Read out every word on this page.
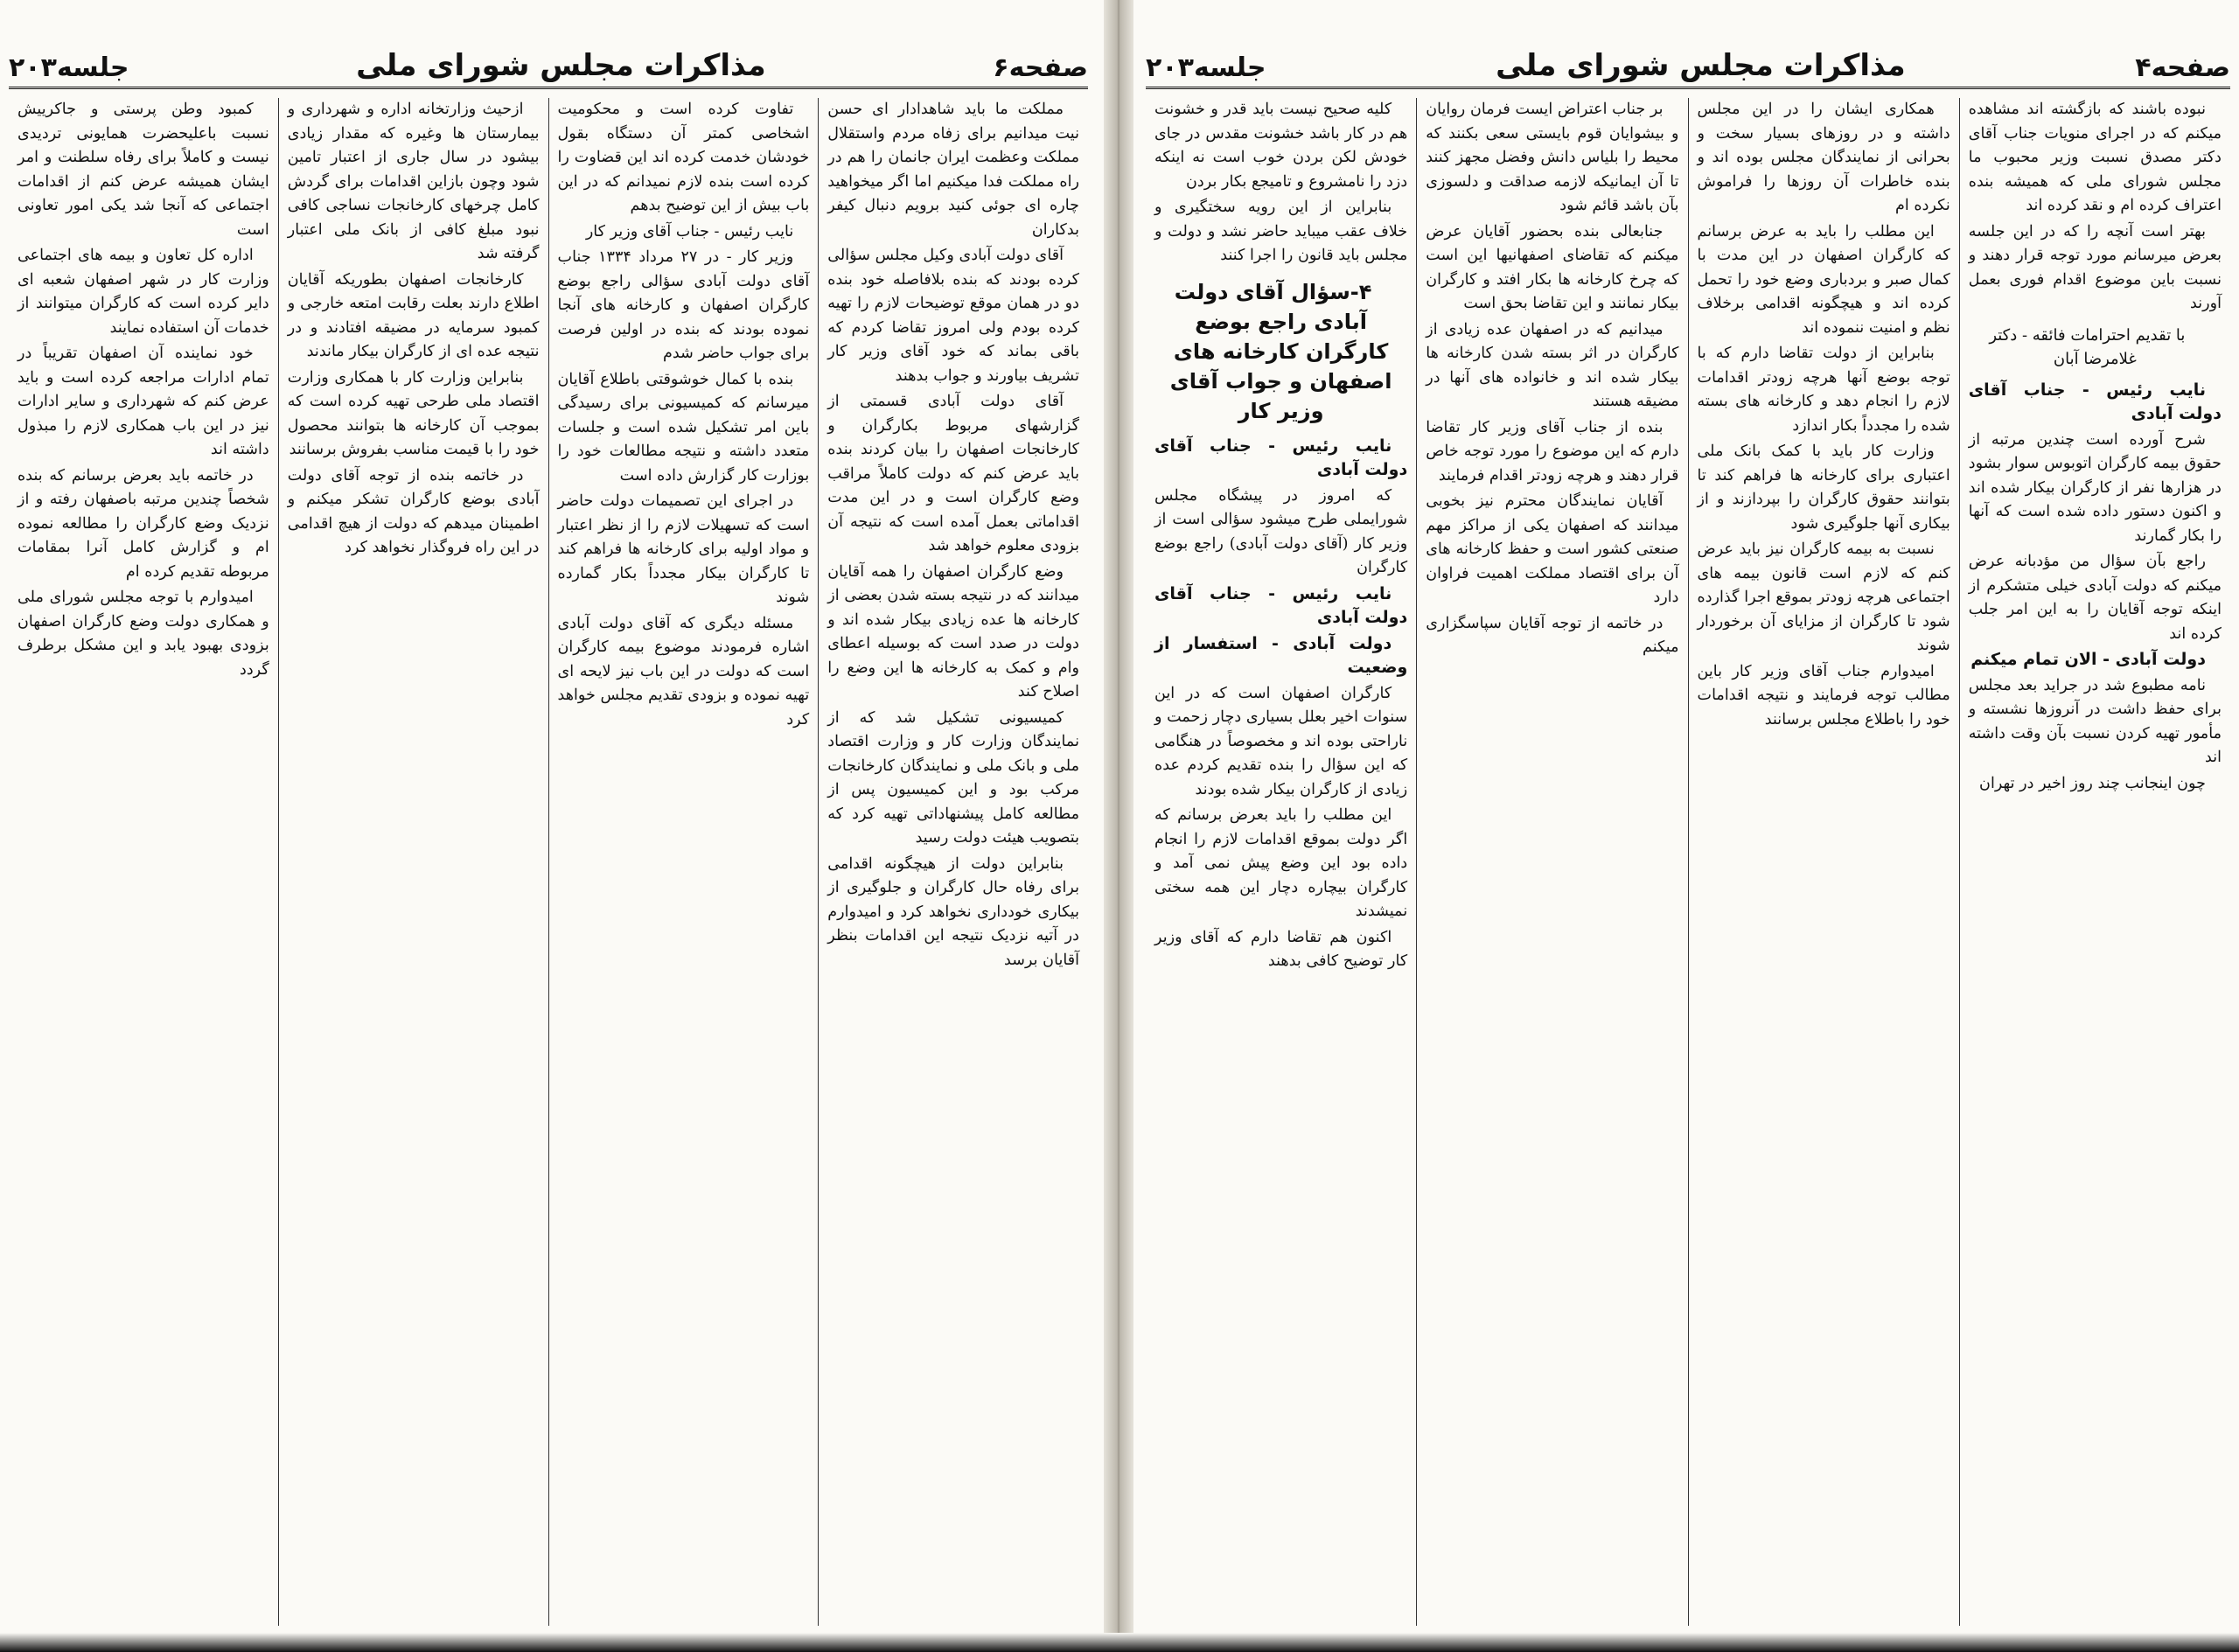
صفحه۶
مذاکرات مجلس شورای ملی
جلسه۲۰۳

مملکت ما باید شاهدادار ای حسن نیت میدانیم برای زفاه مردم واستقلال مملکت وعظمت ایران جانمان را هم در راه مملکت فدا میکنیم اما اگر میخواهید چاره ای جوئی کنید برویم دنبال کیفر بدکاران

آقای دولت آبادی وکیل مجلس سؤالی کرده بودند که بنده بلافاصله خود بنده دو در همان موقع توضیحات لازم را تهیه کرده بودم ولی امروز تقاضا کردم که باقی بماند که خود آقای وزیر کار تشریف بیاورند و جواب بدهند

آقای دولت آبادی قسمتی از گزارشهای مربوط بکارگران و کارخانجات اصفهان را بیان کردند بنده باید عرض کنم که دولت کاملاً مراقب وضع کارگران است و در این مدت اقداماتی بعمل آمده است که نتیجه آن بزودی معلوم خواهد شد

وضع کارگران اصفهان را همه آقایان میدانند که در نتیجه بسته شدن بعضی از کارخانه ها عده زیادی بیکار شده اند و دولت در صدد است که بوسیله اعطای وام و کمک به کارخانه ها این وضع را اصلاح کند

کمیسیونی تشکیل شد که از نمایندگان وزارت کار و وزارت اقتصاد ملی و بانک ملی و نمایندگان کارخانجات مرکب بود و این کمیسیون پس از مطالعه کامل پیشنهاداتی تهیه کرد که بتصویب هیئت دولت رسید

بنابراین دولت از هیچگونه اقدامی برای رفاه حال کارگران و جلوگیری از بیکاری خودداری نخواهد کرد و امیدوارم در آتیه نزدیک نتیجه این اقدامات بنظر آقایان برسد

تفاوت کرده است و محکومیت اشخاصی کمتر آن دستگاه بقول خودشان خدمت کرده اند این قضاوت را کرده است بنده لازم نمیدانم که در این باب بیش از این توضیح بدهم

نایب رئیس - جناب آقای وزیر کار

وزیر کار - در ۲۷ مرداد ۱۳۳۴ جناب آقای دولت آبادی سؤالی راجع بوضع کارگران اصفهان و کارخانه های آنجا نموده بودند که بنده در اولین فرصت برای جواب حاضر شدم

بنده با کمال خوشوقتی باطلاع آقایان میرسانم که کمیسیونی برای رسیدگی باین امر تشکیل شده است و جلسات متعدد داشته و نتیجه مطالعات خود را بوزارت کار گزارش داده است

در اجرای این تصمیمات دولت حاضر است که تسهیلات لازم را از نظر اعتبار و مواد اولیه برای کارخانه ها فراهم کند تا کارگران بیکار مجدداً بکار گمارده شوند

مسئله دیگری که آقای دولت آبادی اشاره فرمودند موضوع بیمه کارگران است که دولت در این باب نیز لایحه ای تهیه نموده و بزودی تقدیم مجلس خواهد کرد

ازحیث وزارتخانه اداره و شهرداری و بیمارستان ها وغیره که مقدار زیادی بیشود در سال جاری از اعتبار تامین شود وچون بازاین اقدامات برای گردش کامل چرخهای کارخانجات نساجی کافی نبود مبلغ کافی از بانک ملی اعتبار گرفته شد

کارخانجات اصفهان بطوریکه آقایان اطلاع دارند بعلت رقابت امتعه خارجی و کمبود سرمایه در مضیقه افتادند و در نتیجه عده ای از کارگران بیکار ماندند

بنابراین وزارت کار با همکاری وزارت اقتصاد ملی طرحی تهیه کرده است که بموجب آن کارخانه ها بتوانند محصول خود را با قیمت مناسب بفروش برسانند

در خاتمه بنده از توجه آقای دولت آبادی بوضع کارگران تشکر میکنم و اطمینان میدهم که دولت از هیچ اقدامی در این راه فروگذار نخواهد کرد

کمبود وطن پرستی و جاکرییش نسبت باعلیحضرت همایونی تردیدی نیست و کاملاً برای رفاه سلطنت و امر ایشان همیشه عرض کنم از اقدامات اجتماعی که آنجا شد یکی امور تعاونی است

اداره کل تعاون و بیمه های اجتماعی وزارت کار در شهر اصفهان شعبه ای دایر کرده است که کارگران میتوانند از خدمات آن استفاده نمایند

خود نماینده آن اصفهان تقریباً در تمام ادارات مراجعه کرده است و باید عرض کنم که شهرداری و سایر ادارات نیز در این باب همکاری لازم را مبذول داشته اند

در خاتمه باید بعرض برسانم که بنده شخصاً چندین مرتبه باصفهان رفته و از نزدیک وضع کارگران را مطالعه نموده ام و گزارش کامل آنرا بمقامات مربوطه تقدیم کرده ام

امیدوارم با توجه مجلس شورای ملی و همکاری دولت وضع کارگران اصفهان بزودی بهبود یابد و این مشکل برطرف گردد

صفحه۴
مذاکرات مجلس شورای ملی
جلسه۲۰۳

نبوده باشند که بازگشته اند مشاهده میکنم که در اجرای منویات جناب آقای دکتر مصدق نسبت وزیر محبوب ما مجلس شورای ملی که همیشه بنده اعتراف کرده ام و نقد کرده اند

بهتر است آنچه را که در این جلسه بعرض میرسانم مورد توجه قرار دهند و نسبت باین موضوع اقدام فوری بعمل آورند

با تقدیم احترامات فائقه - دکتر غلامرضا آبان

نایب رئیس - جناب آقای دولت آبادی

شرح آورده است چندین مرتبه از حقوق بیمه کارگران اتوبوس سوار بشود در هزارها نفر از کارگران بیکار شده اند و اکنون دستور داده شده است که آنها را بکار گمارند

راجع بآن سؤال من مؤدبانه عرض میکنم که دولت آبادی خیلی متشکرم از اینکه توجه آقایان را به این امر جلب کرده اند

دولت آبادی - الان تمام میکنم

نامه مطبوع شد در جراید بعد مجلس برای حفظ داشت در آنروزها نشسته و مأمور تهیه کردن نسبت بآن وقت داشته اند

چون اینجانب چند روز اخیر در تهران

همکاری ایشان را در این مجلس داشته و در روزهای بسیار سخت و بحرانی از نمایندگان مجلس بوده اند و بنده خاطرات آن روزها را فراموش نکرده ام

این مطلب را باید به عرض برسانم که کارگران اصفهان در این مدت با کمال صبر و بردباری وضع خود را تحمل کرده اند و هیچگونه اقدامی برخلاف نظم و امنیت ننموده اند

بنابراین از دولت تقاضا دارم که با توجه بوضع آنها هرچه زودتر اقدامات لازم را انجام دهد و کارخانه های بسته شده را مجدداً بکار اندازد

وزارت کار باید با کمک بانک ملی اعتباری برای کارخانه ها فراهم کند تا بتوانند حقوق کارگران را بپردازند و از بیکاری آنها جلوگیری شود

نسبت به بیمه کارگران نیز باید عرض کنم که لازم است قانون بیمه های اجتماعی هرچه زودتر بموقع اجرا گذارده شود تا کارگران از مزایای آن برخوردار شوند

امیدوارم جناب آقای وزیر کار باین مطالب توجه فرمایند و نتیجه اقدامات خود را باطلاع مجلس برسانند

بر جناب اعتراض ایست فرمان روایان و بیشوایان قوم بایستی سعی بکنند که محیط را بلیاس دانش وفضل مجهز کنند تا آن ایمانیکه لازمه صداقت و دلسوزی بآن باشد قائم شود

جنابعالی بنده بحضور آقایان عرض میکنم که تقاضای اصفهانیها این است که چرخ کارخانه ها بکار افتد و کارگران بیکار نمانند و این تقاضا بحق است

میدانیم که در اصفهان عده زیادی از کارگران در اثر بسته شدن کارخانه ها بیکار شده اند و خانواده های آنها در مضیقه هستند

بنده از جناب آقای وزیر کار تقاضا دارم که این موضوع را مورد توجه خاص قرار دهند و هرچه زودتر اقدام فرمایند

آقایان نمایندگان محترم نیز بخوبی میدانند که اصفهان یکی از مراکز مهم صنعتی کشور است و حفظ کارخانه های آن برای اقتصاد مملکت اهمیت فراوان دارد

در خاتمه از توجه آقایان سپاسگزاری میکنم

کلیه صحیح نیست باید قدر و خشونت هم در کار باشد خشونت مقدس در جای خودش لکن بردن خوب است نه اینکه دزد را نامشروع و تامیجع بکار بردن

بنابراین از این رویه سختگیری و خلاف عقب میباید حاضر نشد و دولت و مجلس باید قانون را اجرا کنند

۴-سؤال آقای دولت آبادی راجع بوضع کارگران کارخانه های اصفهان و جواب آقای وزیر کار

نایب رئیس - جناب آقای دولت آبادی

که امروز در پیشگاه مجلس شورایملی طرح میشود سؤالی است از وزیر کار (آقای دولت آبادی) راجع بوضع کارگران

نایب رئیس - جناب آقای دولت آبادی

دولت آبادی - استفسار از وضعیت

کارگران اصفهان است که در این سنوات اخیر بعلل بسیاری دچار زحمت و ناراحتی بوده اند و مخصوصاً در هنگامی که این سؤال را بنده تقدیم کردم عده زیادی از کارگران بیکار شده بودند

این مطلب را باید بعرض برسانم که اگر دولت بموقع اقدامات لازم را انجام داده بود این وضع پیش نمی آمد و کارگران بیچاره دچار این همه سختی نمیشدند

اکنون هم تقاضا دارم که آقای وزیر کار توضیح کافی بدهند
